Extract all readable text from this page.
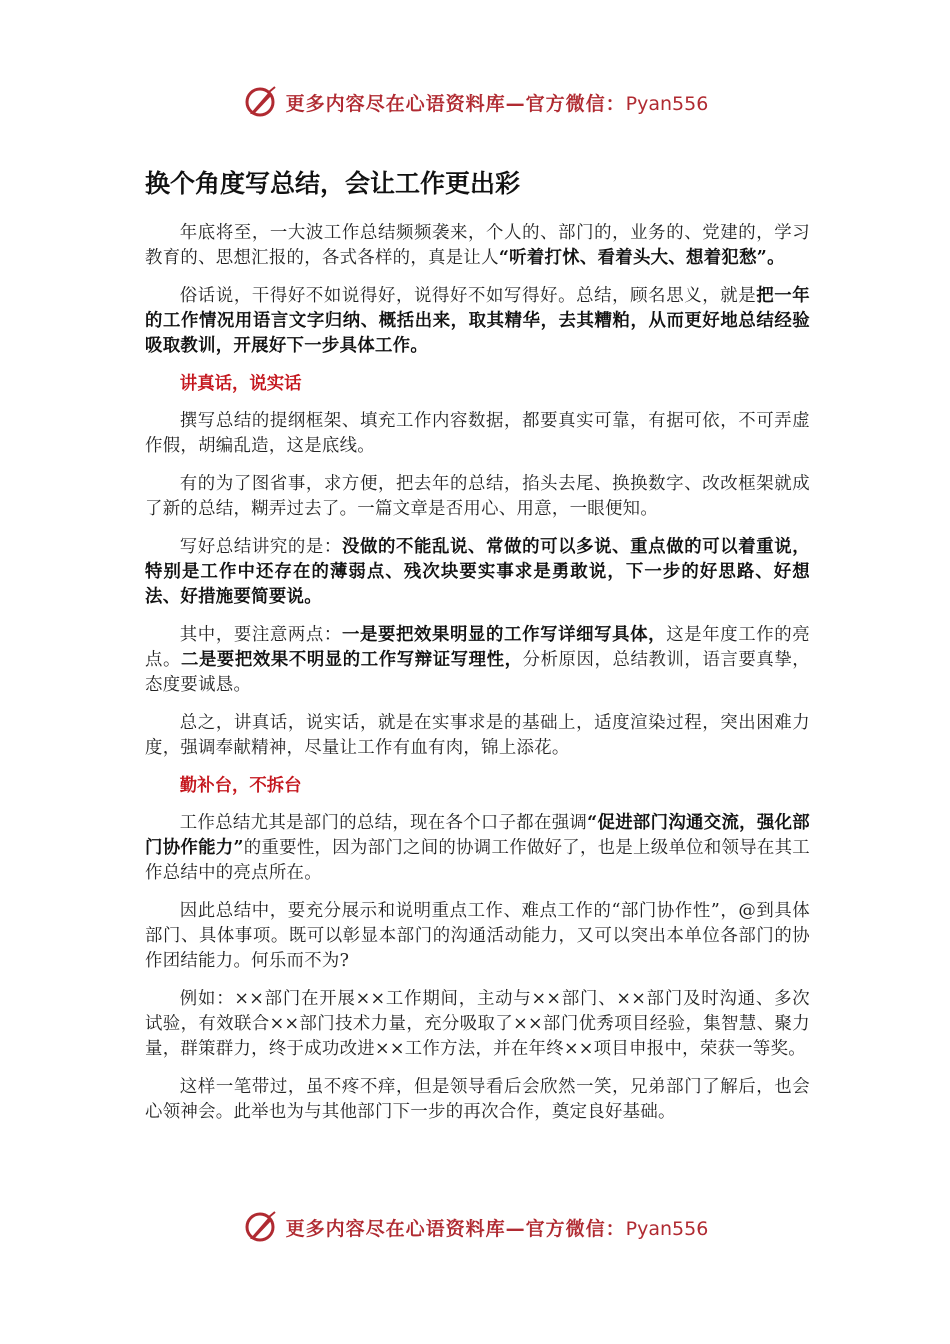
更多内容尽在心语资料库—官方微信：Pyan556
换个角度写总结，会让工作更出彩

年底将至，一大波工作总结频频袭来，个人的、部门的，业务的、党建的，学习教育的、思想汇报的，各式各样的，真是让人“听着打怵、看着头大、想着犯愁”。

俗话说，干得好不如说得好，说得好不如写得好。总结，顾名思义，就是把一年的工作情况用语言文字归纳、概括出来，取其精华，去其糟粕，从而更好地总结经验吸取教训，开展好下一步具体工作。

讲真话，说实话

撰写总结的提纲框架、填充工作内容数据，都要真实可靠，有据可依，不可弄虚作假，胡编乱造，这是底线。

有的为了图省事，求方便，把去年的总结，掐头去尾、换换数字、改改框架就成了新的总结，糊弄过去了。一篇文章是否用心、用意，一眼便知。

写好总结讲究的是：没做的不能乱说、常做的可以多说、重点做的可以着重说，特别是工作中还存在的薄弱点、残次块要实事求是勇敢说，下一步的好思路、好想法、好措施要简要说。

其中，要注意两点：一是要把效果明显的工作写详细写具体，这是年度工作的亮点。二是要把效果不明显的工作写辩证写理性，分析原因，总结教训，语言要真挚，态度要诚恳。

总之，讲真话，说实话，就是在实事求是的基础上，适度渲染过程，突出困难力度，强调奉献精神，尽量让工作有血有肉，锦上添花。

勤补台，不拆台

工作总结尤其是部门的总结，现在各个口子都在强调“促进部门沟通交流，强化部门协作能力”的重要性，因为部门之间的协调工作做好了，也是上级单位和领导在其工作总结中的亮点所在。

因此总结中，要充分展示和说明重点工作、难点工作的“部门协作性”，@到具体部门、具体事项。既可以彰显本部门的沟通活动能力，又可以突出本单位各部门的协作团结能力。何乐而不为?

例如：××部门在开展××工作期间，主动与××部门、××部门及时沟通、多次试验，有效联合××部门技术力量，充分吸取了××部门优秀项目经验，集智慧、聚力量，群策群力，终于成功改进××工作方法，并在年终××项目申报中，荣获一等奖。

这样一笔带过，虽不疼不痒，但是领导看后会欣然一笑，兄弟部门了解后，也会心领神会。此举也为与其他部门下一步的再次合作，奠定良好基础。

更多内容尽在心语资料库—官方微信：Pyan556
